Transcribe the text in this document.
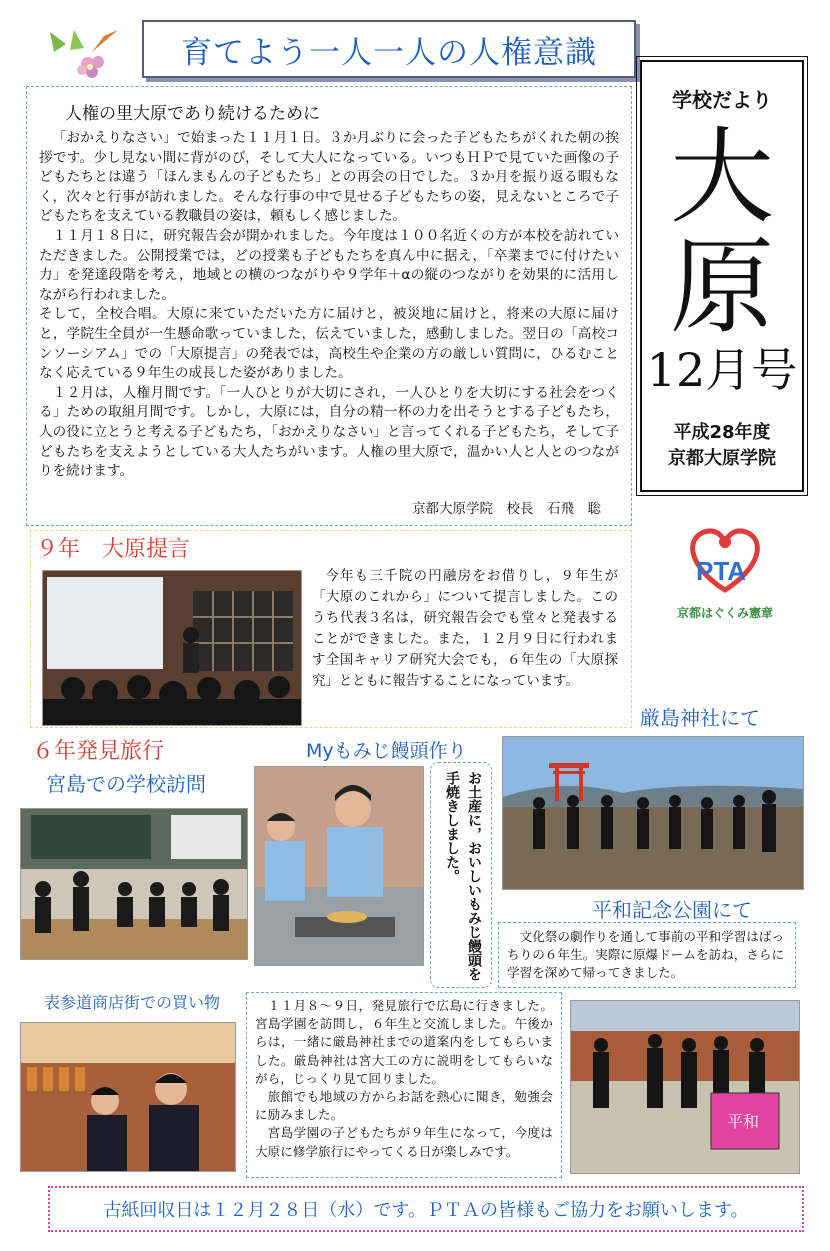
育てよう一人一人の人権意識
人権の里大原であり続けるために

「おかえりなさい」で始まった１１月１日。３か月ぶりに会った子どもたちがくれた朝の挨拶です。少し見ない間に背がのび，そして大人になっている。いつもＨＰで見ていた画像の子どもたちとは違う「ほんまもんの子どもたち」との再会の日でした。３か月を振り返る暇もなく，次々と行事が訪れました。そんな行事の中で見せる子どもたちの姿，見えないところで子どもたちを支えている教職員の姿は，頼もしく感じました。

１１月１８日に，研究報告会が開かれました。今年度は１００名近くの方が本校を訪れていただきました。公開授業では，どの授業も子どもたちを真ん中に据え，「卒業までに付けたい力」を発達段階を考え，地域との横のつながりや９学年＋αの縦のつながりを効果的に活用しながら行われました。

そして，全校合唱。大原に来ていただいた方に届けと，被災地に届けと，将来の大原に届けと，学院生全員が一生懸命歌っていました，伝えていました，感動しました。翌日の「高校コンソーシアム」での「大原提言」の発表では，高校生や企業の方の厳しい質問に，ひるむことなく応えている９年生の成長した姿がありました。

１２月は，人権月間です。「一人ひとりが大切にされ，一人ひとりを大切にする社会をつくる」ための取組月間です。しかし，大原には，自分の精一杯の力を出そうとする子どもたち，人の役に立とうと考える子どもたち，「おかえりなさい」と言ってくれる子どもたち，そして子どもたちを支えようとしている大人たちがいます。人権の里大原で，温かい人と人とのつながりを続けます。

京都大原学院　校長　石飛　聡
学校だより
大
原
12月号
平成28年度
京都大原学院
９年　大原提言
今年も三千院の円融房をお借りし，９年生が「大原のこれから」について提言しました。このうち代表３名は，研究報告会でも堂々と発表することができました。また，１２月９日に行われます全国キャリア研究大会でも，６年生の「大原探究」とともに報告することになっています。
PTA
京都はぐくみ憲章
６年発見旅行
宮島での学校訪問
Myもみじ饅頭作り
厳島神社にて
お土産に，おいしいもみじ饅頭を手焼きしました。
平和記念公園にて
文化祭の劇作りを通して事前の平和学習はばっちりの６年生。実際に原爆ドームを訪ね，さらに学習を深めて帰ってきました。
表参道商店街での買い物	１１月８～９日，発見旅行で広島に行きました。宮島学園を訪問し，６年生と交流しました。午後からは，一緒に厳島神社までの道案内をしてもらいました。厳島神社は宮大工の方に説明をしてもらいながら，じっくり見て回りました。

旅館でも地域の方からお話を熱心に聞き，勉強会に励みました。

宮島学園の子どもたちが９年生になって，今度は大原に修学旅行にやってくる日が楽しみです。

平和
古紙回収日は１２月２８日（水）です。ＰＴＡの皆様もご協力をお願いします。
